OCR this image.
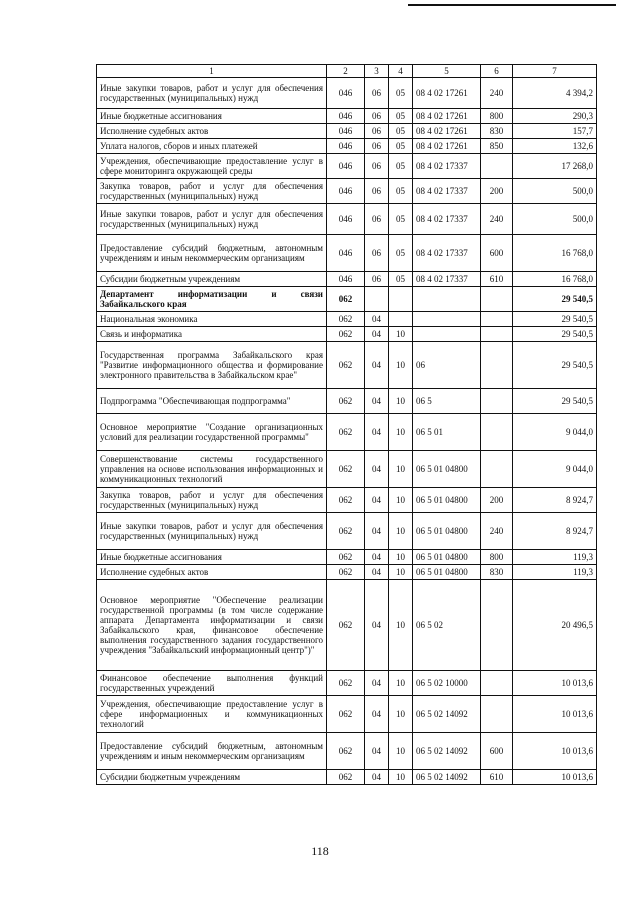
1	2	3	4	5	6	7
Иные закупки товаров, работ и услуг для обеспечения государственных (муниципальных) нужд	046	06	05	08 4 02 17261	240	4 394,2
Иные бюджетные ассигнования	046	06	05	08 4 02 17261	800	290,3
Исполнение судебных актов	046	06	05	08 4 02 17261	830	157,7
Уплата налогов, сборов и иных платежей	046	06	05	08 4 02 17261	850	132,6
Учреждения, обеспечивающие предоставление услуг в сфере мониторинга окружающей среды	046	06	05	08 4 02 17337		17 268,0
Закупка товаров, работ и услуг для обеспечения государственных (муниципальных) нужд	046	06	05	08 4 02 17337	200	500,0
Иные закупки товаров, работ и услуг для обеспечения государственных (муниципальных) нужд	046	06	05	08 4 02 17337	240	500,0
Предоставление субсидий бюджетным, автономным учреждениям и иным некоммерческим организациям	046	06	05	08 4 02 17337	600	16 768,0
Субсидии бюджетным учреждениям	046	06	05	08 4 02 17337	610	16 768,0
Департамент информатизации и связи Забайкальского края	062					29 540,5
Национальная экономика	062	04				29 540,5
Связь и информатика	062	04	10			29 540,5
Государственная программа Забайкальского края "Развитие информационного общества и формирование электронного правительства в Забайкальском крае"	062	04	10	06		29 540,5
Подпрограмма "Обеспечивающая подпрограмма"	062	04	10	06 5		29 540,5
Основное мероприятие "Создание организационных условий для реализации государственной программы"	062	04	10	06 5 01		9 044,0
Совершенствование системы государственного управления на основе использования информационных и коммуникационных технологий	062	04	10	06 5 01 04800		9 044,0
Закупка товаров, работ и услуг для обеспечения государственных (муниципальных) нужд	062	04	10	06 5 01 04800	200	8 924,7
Иные закупки товаров, работ и услуг для обеспечения государственных (муниципальных) нужд	062	04	10	06 5 01 04800	240	8 924,7
Иные бюджетные ассигнования	062	04	10	06 5 01 04800	800	119,3
Исполнение судебных актов	062	04	10	06 5 01 04800	830	119,3
Основное мероприятие "Обеспечение реализации государственной программы (в том числе содержание аппарата Департамента информатизации и связи Забайкальского края, финансовое обеспечение выполнения государственного задания государственного учреждения "Забайкальский информационный центр")"	062	04	10	06 5 02		20 496,5
Финансовое обеспечение выполнения функций государственных учреждений	062	04	10	06 5 02 10000		10 013,6
Учреждения, обеспечивающие предоставление услуг в сфере информационных и коммуникационных технологий	062	04	10	06 5 02 14092		10 013,6
Предоставление субсидий бюджетным, автономным учреждениям и иным некоммерческим организациям	062	04	10	06 5 02 14092	600	10 013,6
Субсидии бюджетным учреждениям	062	04	10	06 5 02 14092	610	10 013,6
118
